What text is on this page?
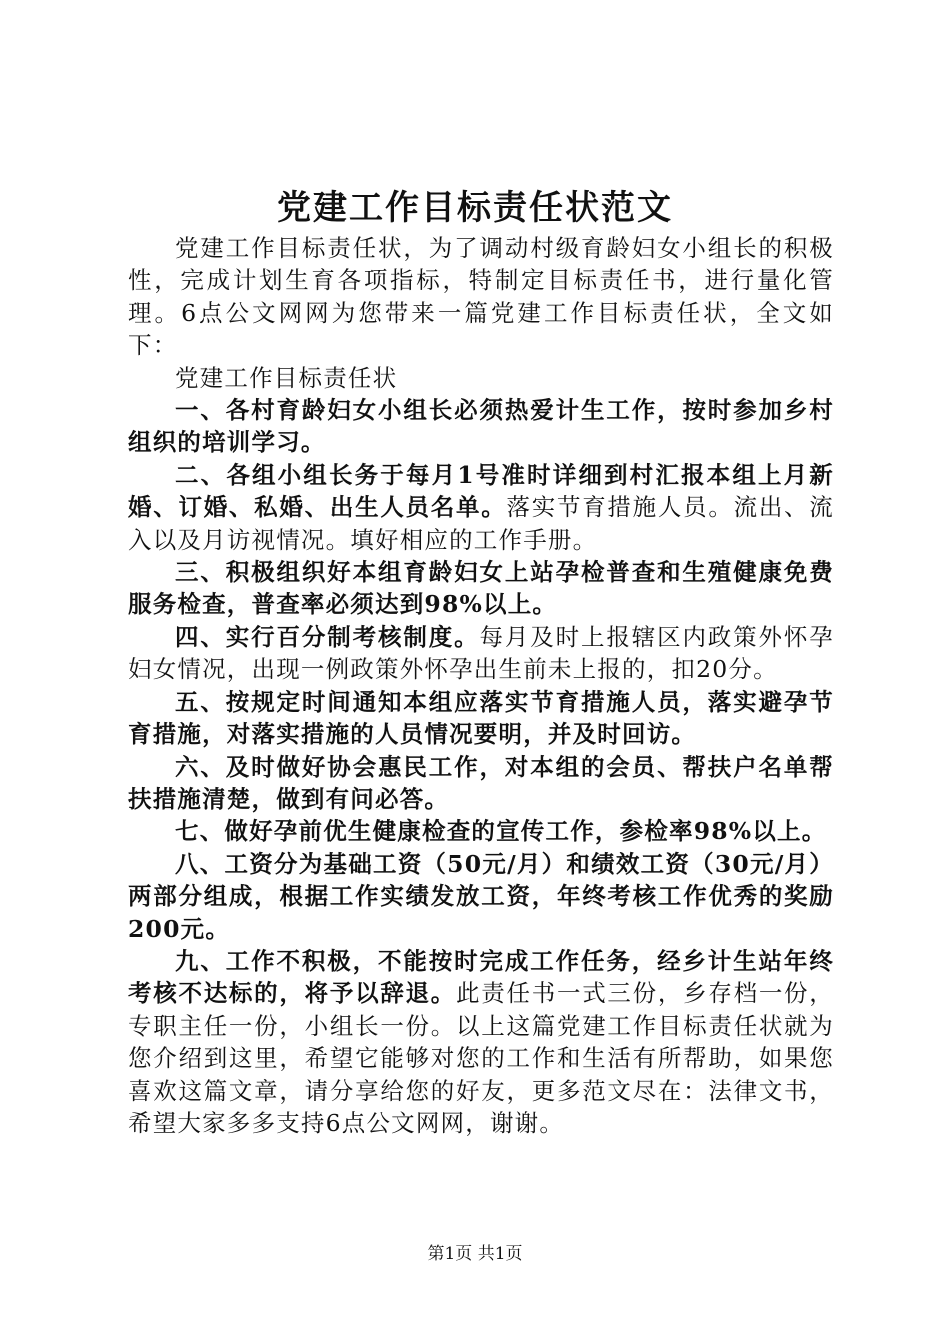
党建工作目标责任状范文

党建工作目标责任状，为了调动村级育龄妇女小组长的积极性，完成计划生育各项指标，特制定目标责任书，进行量化管理。6点公文网网为您带来一篇党建工作目标责任状，全文如下：

党建工作目标责任状

一、各村育龄妇女小组长必须热爱计生工作，按时参加乡村组织的培训学习。

二、各组小组长务于每月1号准时详细到村汇报本组上月新婚、订婚、私婚、出生人员名单。落实节育措施人员。流出、流入以及月访视情况。填好相应的工作手册。

三、积极组织好本组育龄妇女上站孕检普查和生殖健康免费服务检查，普查率必须达到98%以上。

四、实行百分制考核制度。每月及时上报辖区内政策外怀孕妇女情况，出现一例政策外怀孕出生前未上报的，扣20分。

五、按规定时间通知本组应落实节育措施人员，落实避孕节育措施，对落实措施的人员情况要明，并及时回访。

六、及时做好协会惠民工作，对本组的会员、帮扶户名单帮扶措施清楚，做到有问必答。

七、做好孕前优生健康检查的宣传工作，参检率98%以上。

八、工资分为基础工资（50元/月）和绩效工资（30元/月）两部分组成，根据工作实绩发放工资，年终考核工作优秀的奖励200元。

九、工作不积极，不能按时完成工作任务，经乡计生站年终考核不达标的，将予以辞退。此责任书一式三份，乡存档一份，专职主任一份，小组长一份。以上这篇党建工作目标责任状就为您介绍到这里，希望它能够对您的工作和生活有所帮助，如果您喜欢这篇文章，请分享给您的好友，更多范文尽在：法律文书，希望大家多多支持6点公文网网，谢谢。

第1页 共1页
